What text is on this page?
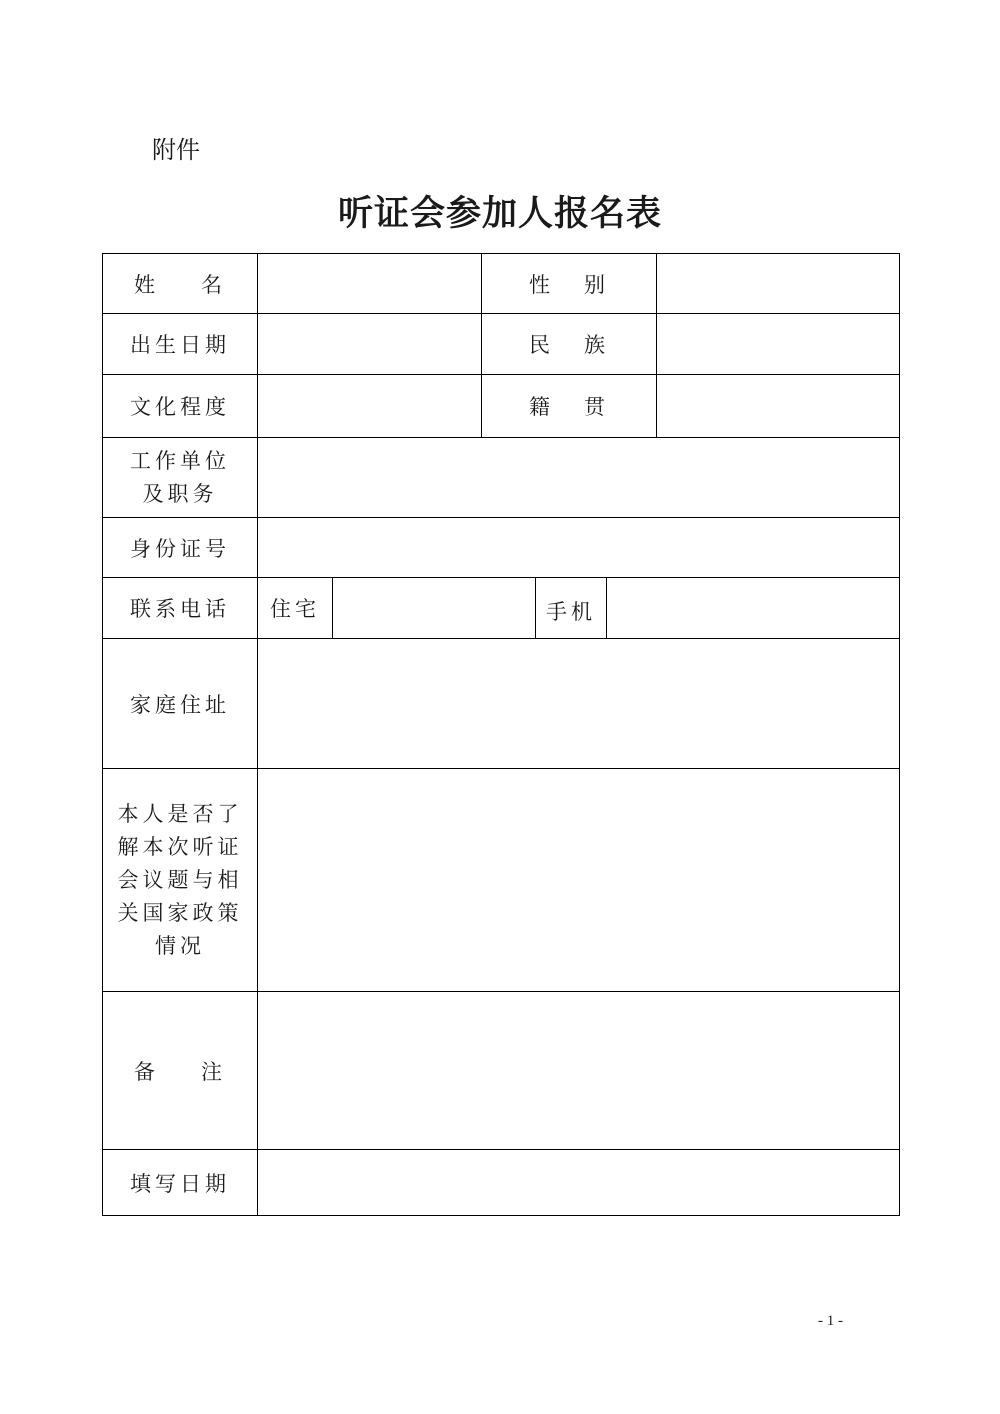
附件
听证会参加人报名表
姓 名	性 别
出生日期	民 族
文化程度	籍 贯
工作单位
及职务
身份证号
联系电话	住宅	手机
家庭住址
本人是否了
解本次听证
会议题与相
关国家政策
情况
备 注
填写日期
- 1 -
